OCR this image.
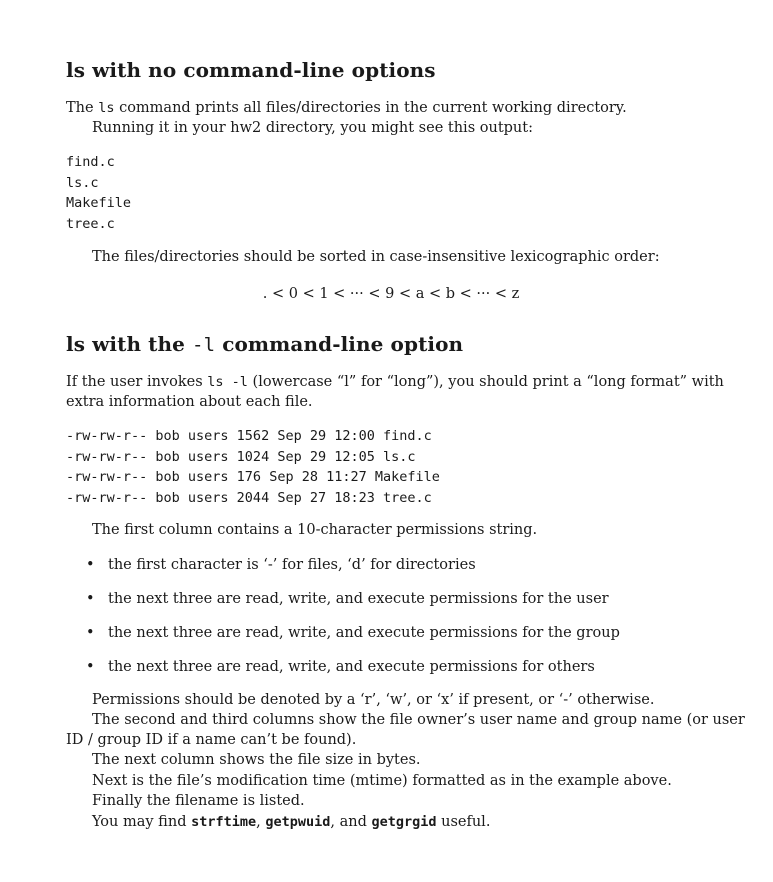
ls with no command-line options

The ls command prints all files/directories in the current working directory.

Running it in your hw2 directory, you might see this output:

find.c
ls.c
Makefile
tree.c

The files/directories should be sorted in case-insensitive lexicographic order:

. < 0 < 1 < ··· < 9 < a < b < ··· < z
ls with the -l command-line option

If the user invokes ls -l (lowercase “l” for “long”), you should print a “long format” with

extra information about each file.

-rw-rw-r-- bob users 1562 Sep 29 12:00 find.c
-rw-rw-r-- bob users 1024 Sep 29 12:05 ls.c
-rw-rw-r-- bob users 176 Sep 28 11:27 Makefile
-rw-rw-r-- bob users 2044 Sep 27 18:23 tree.c

The first column contains a 10-character permissions string.

• the first character is ‘-’ for files, ‘d’ for directories
• the next three are read, write, and execute permissions for the user
• the next three are read, write, and execute permissions for the group
• the next three are read, write, and execute permissions for others

Permissions should be denoted by a ‘r’, ‘w’, or ‘x’ if present, or ‘-’ otherwise.

The second and third columns show the file owner’s user name and group name (or user

ID / group ID if a name can’t be found).

The next column shows the file size in bytes.

Next is the file’s modification time (mtime) formatted as in the example above.

Finally the filename is listed.

You may find strftime, getpwuid, and getgrgid useful.
